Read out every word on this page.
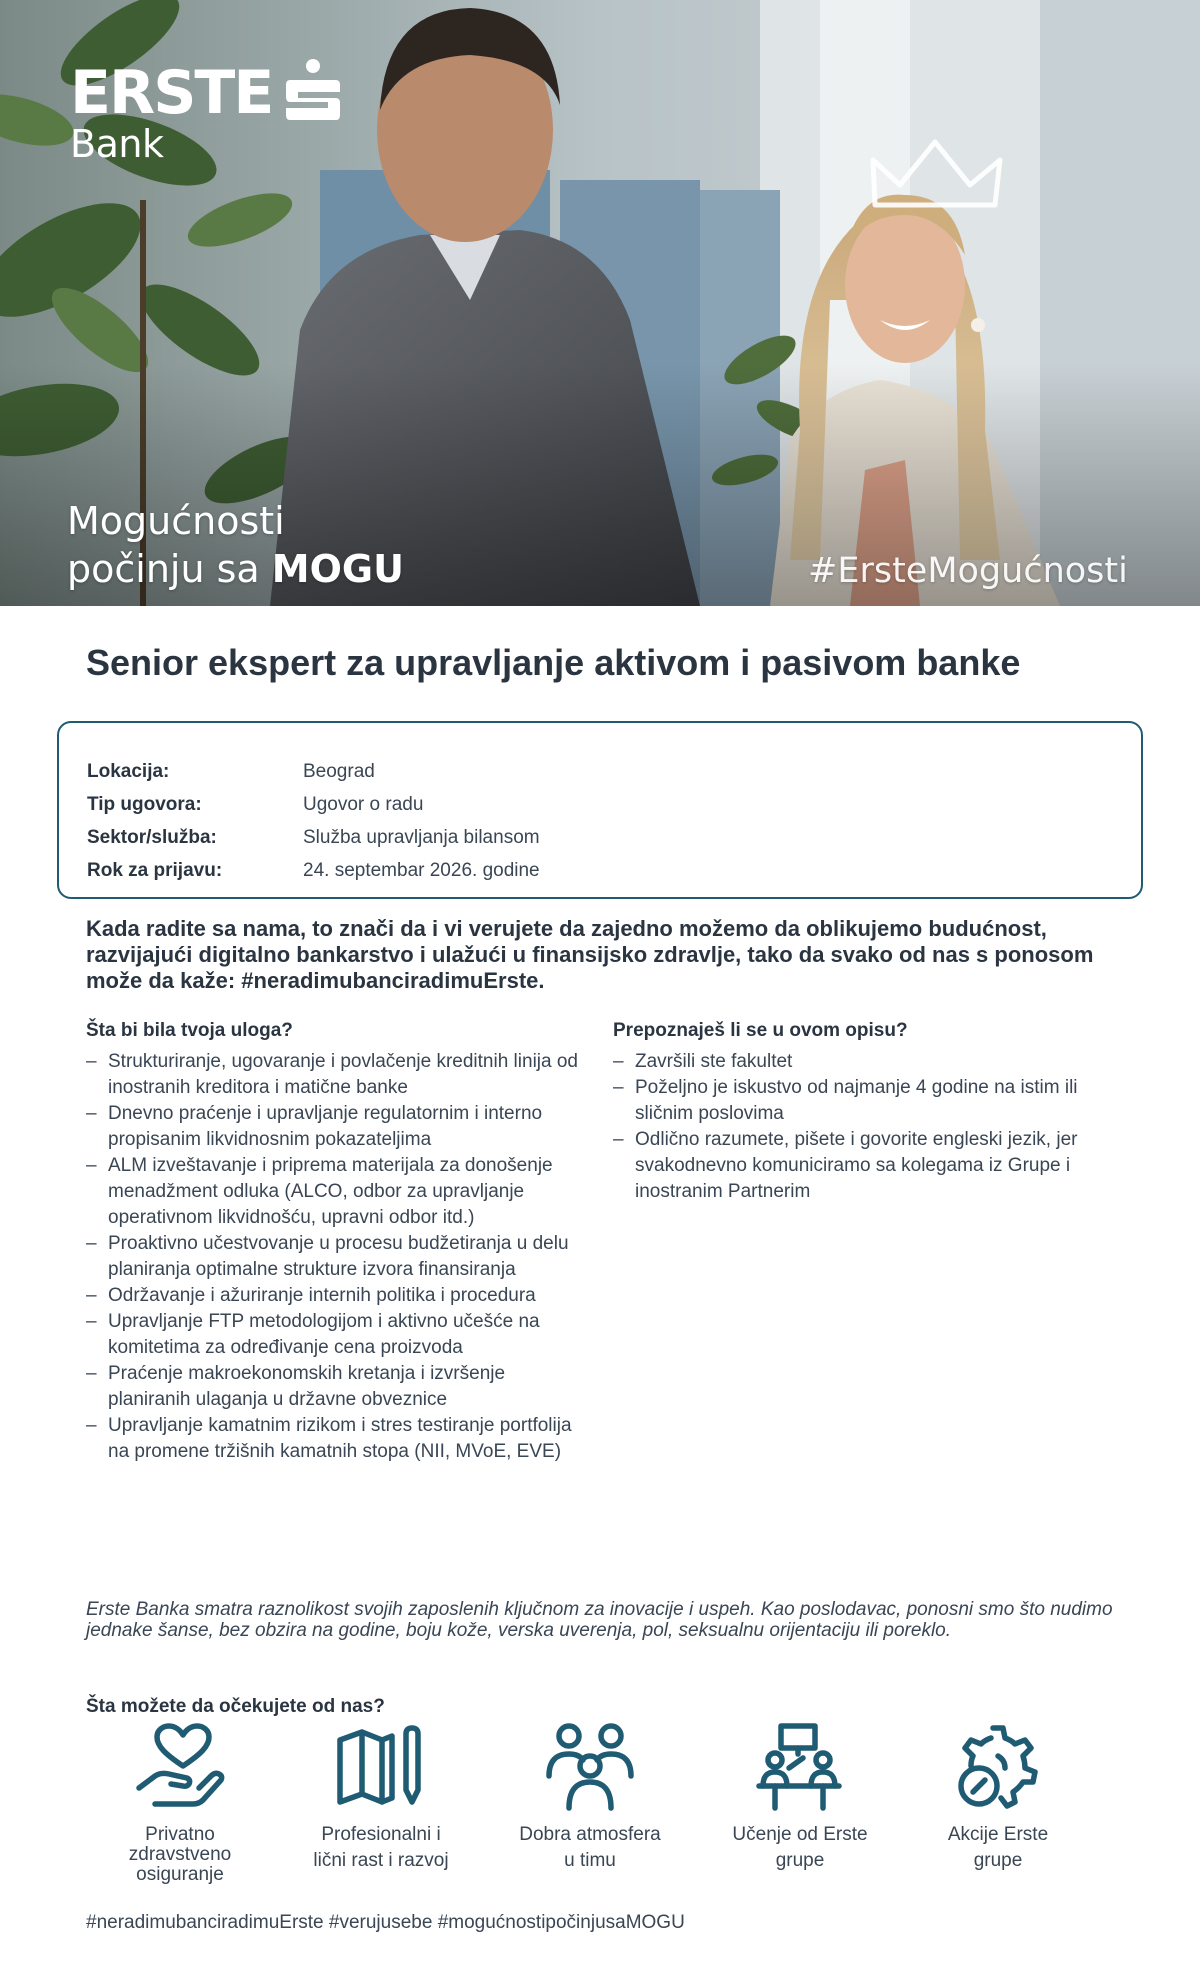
ERSTE
Bank
Mogućnosti
počinju sa MOGU	#ErsteMogućnosti
Senior ekspert za upravljanje aktivom i pasivom banke
Lokacija:	Beograd
Tip ugovora:	Ugovor o radu
Sektor/služba:	Služba upravljanja bilansom
Rok za prijavu:	24. septembar 2026. godine

Kada radite sa nama, to znači da i vi verujete da zajedno možemo da oblikujemo budućnost, razvijajući digitalno bankarstvo i ulažući u finansijsko zdravlje, tako da svako od nas s ponosom može da kaže: #neradimubanciradimuErste.

Šta bi bila tvoja uloga?
– Strukturiranje, ugovaranje i povlačenje kreditnih linija od inostranih kreditora i matične banke
– Dnevno praćenje i upravljanje regulatornim i interno propisanim likvidnosnim pokazateljima
– ALM izveštavanje i priprema materijala za donošenje menadžment odluka (ALCO, odbor za upravljanje operativnom likvidnošću, upravni odbor itd.)
– Proaktivno učestvovanje u procesu budžetiranja u delu planiranja optimalne strukture izvora finansiranja
– Održavanje i ažuriranje internih politika i procedura
– Upravljanje FTP metodologijom i aktivno učešće na komitetima za određivanje cena proizvoda
– Praćenje makroekonomskih kretanja i izvršenje planiranih ulaganja u državne obveznice
– Upravljanje kamatnim rizikom i stres testiranje portfolija na promene tržišnih kamatnih stopa (NII, MVoE, EVE)
Prepoznaješ li se u ovom opisu?
– Završili ste fakultet
– Poželjno je iskustvo od najmanje 4 godine na istim ili sličnim poslovima
– Odlično razumete, pišete i govorite engleski jezik, jer svakodnevno komuniciramo sa kolegama iz Grupe i inostranim Partnerim

Erste Banka smatra raznolikost svojih zaposlenih ključnom za inovacije i uspeh. Kao poslodavac, ponosni smo što nudimo jednake šanse, bez obzira na godine, boju kože, verska uverenja, pol, seksualnu orijentaciju ili poreklo.

Šta možete da očekujete od nas?
Privatno
zdravstveno
osiguranje
Profesionalni i
lični rast i razvoj
Dobra atmosfera
u timu
Učenje od Erste
grupe
Akcije Erste
grupe
#neradimubanciradimuErste #verujusebe #mogućnostipočinjusaMOGU
